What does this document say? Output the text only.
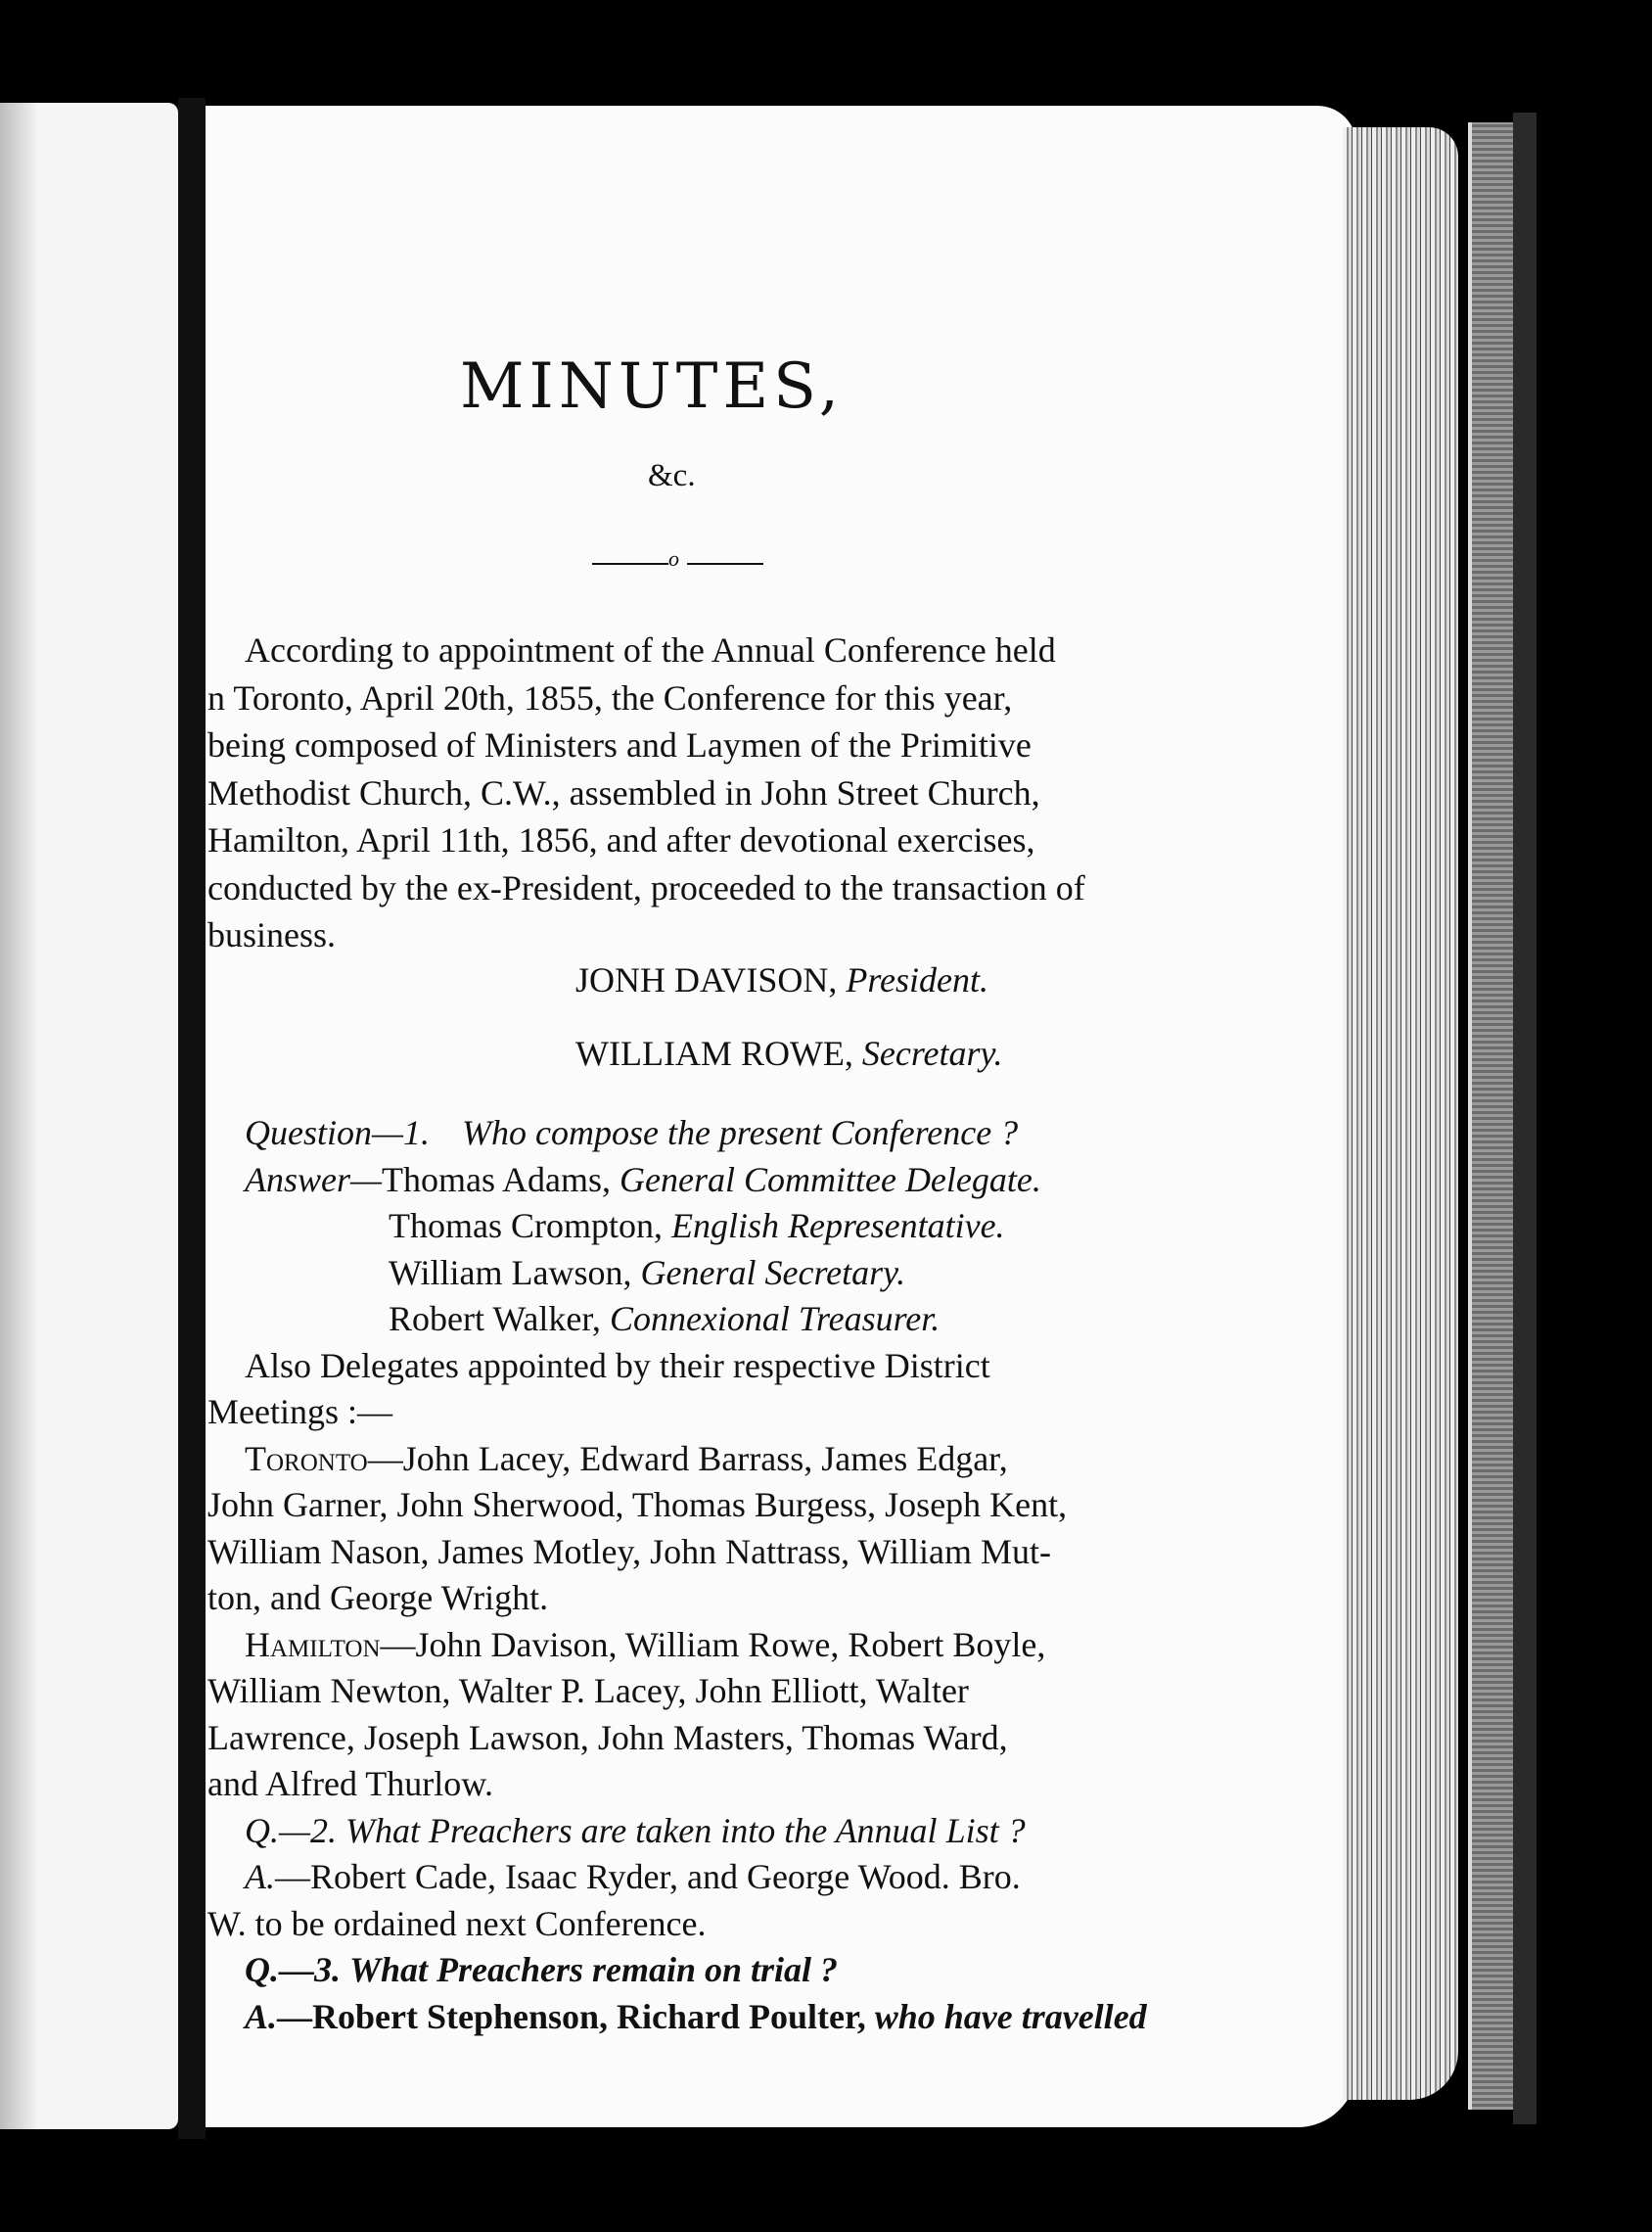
MINUTES,
&c.
o
According to appointment of the Annual Conference held
n Toronto, April 20th, 1855, the Conference for this year,
being composed of Ministers and Laymen of the Primitive
Methodist Church, C.W., assembled in John Street Church,
Hamilton, April 11th, 1856, and after devotional exercises,
conducted by the ex-President, proceeded to the transaction of
business.
JONH DAVISON, President.
WILLIAM ROWE, Secretary.
Question—1. Who compose the present Conference ?
Answer—Thomas Adams, General Committee Delegate.
Thomas Crompton, English Representative.
William Lawson, General Secretary.
Robert Walker, Connexional Treasurer.
Also Delegates appointed by their respective District
Meetings :—
Toronto—John Lacey, Edward Barrass, James Edgar,
John Garner, John Sherwood, Thomas Burgess, Joseph Kent,
William Nason, James Motley, John Nattrass, William Mut-
ton, and George Wright.
Hamilton—John Davison, William Rowe, Robert Boyle,
William Newton, Walter P. Lacey, John Elliott, Walter
Lawrence, Joseph Lawson, John Masters, Thomas Ward,
and Alfred Thurlow.
Q.—2. What Preachers are taken into the Annual List ?
A.—Robert Cade, Isaac Ryder, and George Wood. Bro.
W. to be ordained next Conference.
Q.—3. What Preachers remain on trial ?
A.—Robert Stephenson, Richard Poulter, who have travelled
